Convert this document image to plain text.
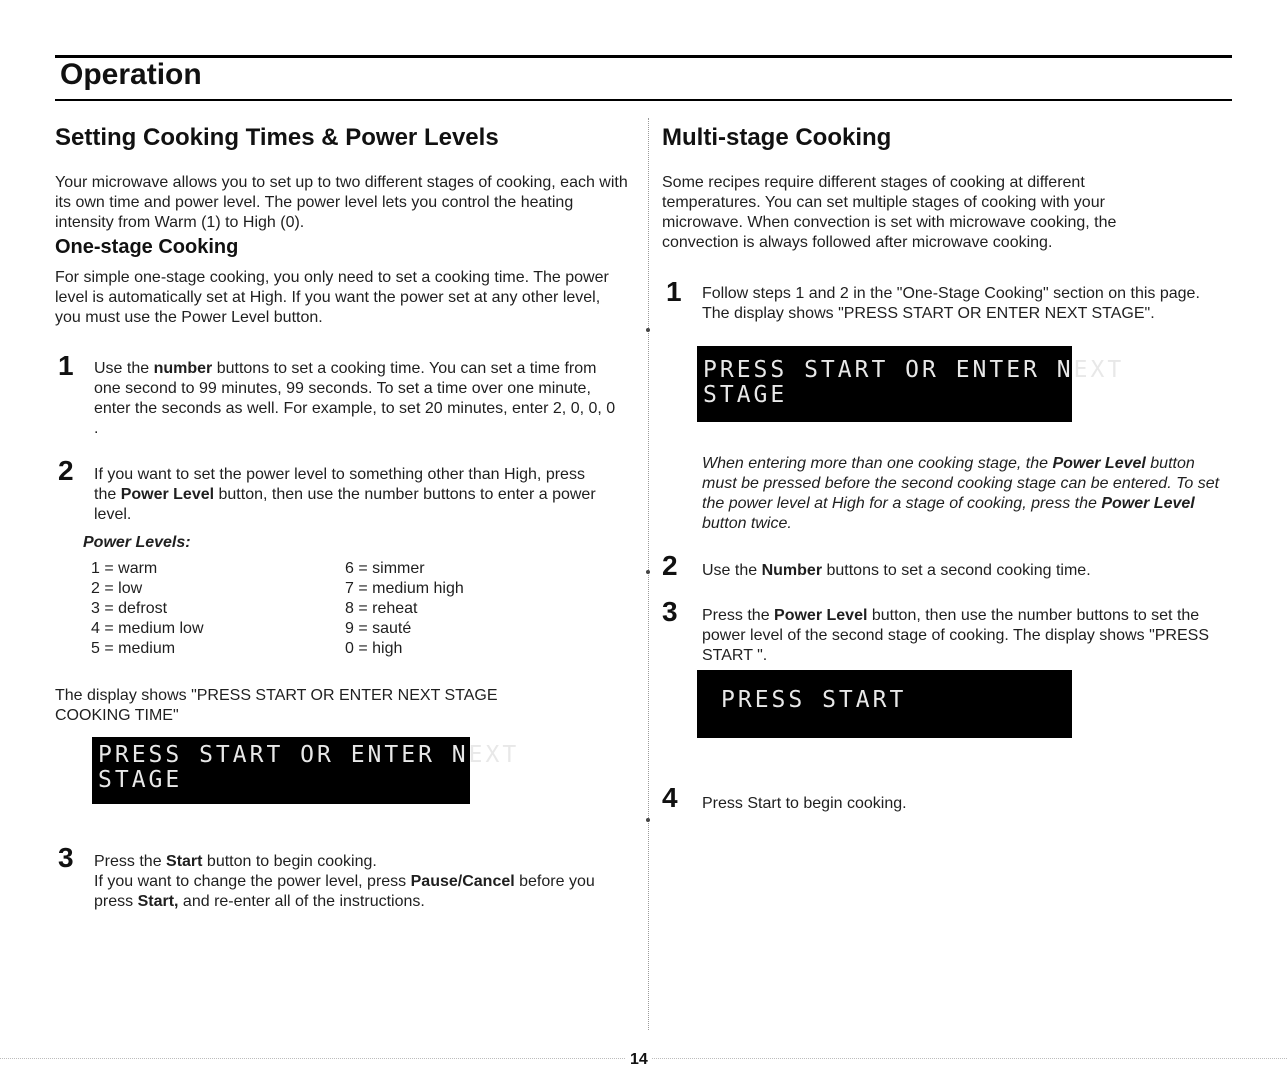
Operation
Setting Cooking Times & Power Levels
Your microwave allows you to set up to two different stages of cooking, each with its own time and power level. The power level lets you control the heating intensity from Warm (1) to High (0).
One-stage Cooking
For simple one-stage cooking, you only need to set a cooking time. The power level is automatically set at High. If you want the power set at any other level, you must use the Power Level button.
1 Use the number buttons to set a cooking time. You can set a time from one second to 99 minutes, 99 seconds. To set a time over one minute, enter the seconds as well. For example, to set 20 minutes, enter 2, 0, 0, 0 .
2 If you want to set the power level to something other than High, press the Power Level button, then use the number buttons to enter a power level.
Power Levels:
1 = warm
2 = low
3 = defrost
4 = medium low
5 = medium
6 = simmer
7 = medium high
8 = reheat
9 = sauté
0 = high
The display shows "PRESS START OR ENTER NEXT STAGE COOKING TIME"
PRESS START OR ENTER NEXT
STAGE
3 Press the Start button to begin cooking.
If you want to change the power level, press Pause/Cancel before you press Start, and re-enter all of the instructions.
Multi-stage Cooking
Some recipes require different stages of cooking at different temperatures. You can set multiple stages of cooking with your microwave. When convection is set with microwave cooking, the convection is always followed after microwave cooking.
1 Follow steps 1 and 2 in the "One-Stage Cooking" section on this page. The display shows "PRESS START OR ENTER NEXT STAGE".
PRESS START OR ENTER NEXT
STAGE
When entering more than one cooking stage, the Power Level button must be pressed before the second cooking stage can be entered. To set the power level at High for a stage of cooking, press the Power Level button twice.
2 Use the Number buttons to set a second cooking time.
3 Press the Power Level button, then use the number buttons to set the power level of the second stage of cooking. The display shows "PRESS START ".
PRESS START
4 Press Start to begin cooking.
14
